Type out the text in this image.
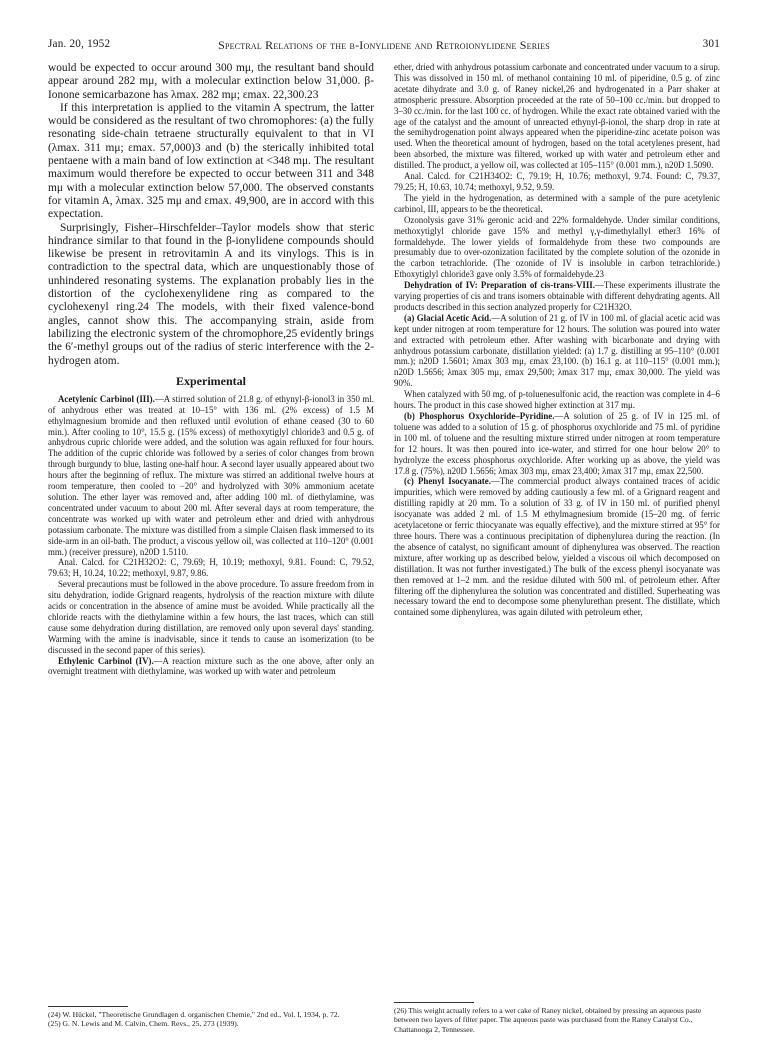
Jan. 20, 1952	Spectral Relations of the β-Ionylidene and Retroionylidene Series	301

would be expected to occur around 300 mμ, the resultant band should appear around 282 mμ, with a molecular extinction below 31,000. β-Ionone semicarbazone has λmax. 282 mμ; εmax. 22,300.23

If this interpretation is applied to the vitamin A spectrum, the latter would be considered as the resultant of two chromophores: (a) the fully resonating side-chain tetraene structurally equivalent to that in VI (λmax. 311 mμ; εmax. 57,000)3 and (b) the sterically inhibited total pentaene with a main band of low extinction at <348 mμ. The resultant maximum would therefore be expected to occur between 311 and 348 mμ with a molecular extinction below 57,000. The observed constants for vitamin A, λmax. 325 mμ and εmax. 49,900, are in accord with this expectation.

Surprisingly, Fisher–Hirschfelder–Taylor models show that steric hindrance similar to that found in the β-ionylidene compounds should likewise be present in retrovitamin A and its vinylogs. This is in contradiction to the spectral data, which are unquestionably those of unhindered resonating systems. The explanation probably lies in the distortion of the cyclohexenylidene ring as compared to the cyclohexenyl ring.24 The models, with their fixed valence-bond angles, cannot show this. The accompanying strain, aside from labilizing the electronic system of the chromophore,25 evidently brings the 6′-methyl groups out of the radius of steric interference with the 2-hydrogen atom.

Experimental

Acetylenic Carbinol (III).—A stirred solution of 21.8 g. of ethynyl-β-ionol3 in 350 ml. of anhydrous ether was treated at 10–15° with 136 ml. (2% excess) of 1.5 M ethylmagnesium bromide and then refluxed until evolution of ethane ceased (30 to 60 min.). After cooling to 10°, 15.5 g. (15% excess) of methoxytiglyl chloride3 and 0.5 g. of anhydrous cupric chloride were added, and the solution was again refluxed for four hours. The addition of the cupric chloride was followed by a series of color changes from brown through burgundy to blue, lasting one-half hour. A second layer usually appeared about two hours after the beginning of reflux. The mixture was stirred an additional twelve hours at room temperature, then cooled to −20° and hydrolyzed with 30% ammonium acetate solution. The ether layer was removed and, after adding 100 ml. of diethylamine, was concentrated under vacuum to about 200 ml. After several days at room temperature, the concentrate was worked up with water and petroleum ether and dried with anhydrous potassium carbonate. The mixture was distilled from a simple Claisen flask immersed to its side-arm in an oil-bath. The product, a viscous yellow oil, was collected at 110–120° (0.001 mm.) (receiver pressure), n20D 1.5110.

Anal. Calcd. for C21H32O2: C, 79.69; H, 10.19; methoxyl, 9.81. Found: C, 79.52, 79.63; H, 10.24, 10.22; methoxyl, 9.87, 9.86.

Several precautions must be followed in the above procedure. To assure freedom from in situ dehydration, iodide Grignard reagents, hydrolysis of the reaction mixture with dilute acids or concentration in the absence of amine must be avoided. While practically all the chloride reacts with the diethylamine within a few hours, the last traces, which can still cause some dehydration during distillation, are removed only upon several days' standing. Warming with the amine is inadvisable, since it tends to cause an isomerization (to be discussed in the second paper of this series).

Ethylenic Carbinol (IV).—A reaction mixture such as the one above, after only an overnight treatment with diethylamine, was worked up with water and petroleum

(24) W. Hückel, "Theoretische Grundlagen d. organischen Chemie," 2nd ed., Vol. I, 1934, p. 72.

(25) G. N. Lewis and M. Calvin, Chem. Revs., 25, 273 (1939).

ether, dried with anhydrous potassium carbonate and concentrated under vacuum to a sirup. This was dissolved in 150 ml. of methanol containing 10 ml. of piperidine, 0.5 g. of zinc acetate dihydrate and 3.0 g. of Raney nickel,26 and hydrogenated in a Parr shaker at atmospheric pressure. Absorption proceeded at the rate of 50–100 cc./min. but dropped to 3–30 cc./min. for the last 100 cc. of hydrogen. While the exact rate obtained varied with the age of the catalyst and the amount of unreacted ethynyl-β-ionol, the sharp drop in rate at the semihydrogenation point always appeared when the piperidine-zinc acetate poison was used. When the theoretical amount of hydrogen, based on the total acetylenes present, had been absorbed, the mixture was filtered, worked up with water and petroleum ether and distilled. The product, a yellow oil, was collected at 105–115° (0.001 mm.), n20D 1.5090.

Anal. Calcd. for C21H34O2: C, 79.19; H, 10.76; methoxyl, 9.74. Found: C, 79.37, 79.25; H, 10.63, 10.74; methoxyl, 9.52, 9.59.

The yield in the hydrogenation, as determined with a sample of the pure acetylenic carbinol, III, appears to be the theoretical.

Ozonolysis gave 31% geronic acid and 22% formaldehyde. Under similar conditions, methoxytiglyl chloride gave 15% and methyl γ,γ-dimethylallyl ether3 16% of formaldehyde. The lower yields of formaldehyde from these two compounds are presumably due to over-ozonization facilitated by the complete solution of the ozonide in the carbon tetrachloride. (The ozonide of IV is insoluble in carbon tetrachloride.) Ethoxytiglyl chloride3 gave only 3.5% of formaldehyde.23

Dehydration of IV: Preparation of cis-trans-VIII.—These experiments illustrate the varying properties of cis and trans isomers obtainable with different dehydrating agents. All products described in this section analyzed properly for C21H32O.

(a) Glacial Acetic Acid.—A solution of 21 g. of IV in 100 ml. of glacial acetic acid was kept under nitrogen at room temperature for 12 hours. The solution was poured into water and extracted with petroleum ether. After washing with bicarbonate and drying with anhydrous potassium carbonate, distillation yielded: (a) 1.7 g. distilling at 95–110° (0.001 mm.); n20D 1.5601; λmax 303 mμ, εmax 23,100. (b) 16.1 g. at 110–115° (0.001 mm.); n20D 1.5656; λmax 305 mμ, εmax 29,500; λmax 317 mμ, εmax 30,000. The yield was 90%.

When catalyzed with 50 mg. of p-toluenesulfonic acid, the reaction was complete in 4–6 hours. The product in this case showed higher extinction at 317 mμ.

(b) Phosphorus Oxychloride–Pyridine.—A solution of 25 g. of IV in 125 ml. of toluene was added to a solution of 15 g. of phosphorus oxychloride and 75 ml. of pyridine in 100 ml. of toluene and the resulting mixture stirred under nitrogen at room temperature for 12 hours. It was then poured into ice-water, and stirred for one hour below 20° to hydrolyze the excess phosphorus oxychloride. After working up as above, the yield was 17.8 g. (75%), n20D 1.5656; λmax 303 mμ, εmax 23,400; λmax 317 mμ, εmax 22,500.

(c) Phenyl Isocyanate.—The commercial product always contained traces of acidic impurities, which were removed by adding cautiously a few ml. of a Grignard reagent and distilling rapidly at 20 mm. To a solution of 33 g. of IV in 150 ml. of purified phenyl isocyanate was added 2 ml. of 1.5 M ethylmagnesium bromide (15–20 mg. of ferric acetylacetone or ferric thiocyanate was equally effective), and the mixture stirred at 95° for three hours. There was a continuous precipitation of diphenylurea during the reaction. (In the absence of catalyst, no significant amount of diphenylurea was observed. The reaction mixture, after working up as described below, yielded a viscous oil which decomposed on distillation. It was not further investigated.) The bulk of the excess phenyl isocyanate was then removed at 1–2 mm. and the residue diluted with 500 ml. of petroleum ether. After filtering off the diphenylurea the solution was concentrated and distilled. Superheating was necessary toward the end to decompose some phenylurethan present. The distillate, which contained some diphenylurea, was again diluted with petroleum ether,

(26) This weight actually refers to a wet cake of Raney nickel, obtained by pressing an aqueous paste between two layers of filter paper. The aqueous paste was purchased from the Raney Catalyst Co., Chattanooga 2, Tennessee.
